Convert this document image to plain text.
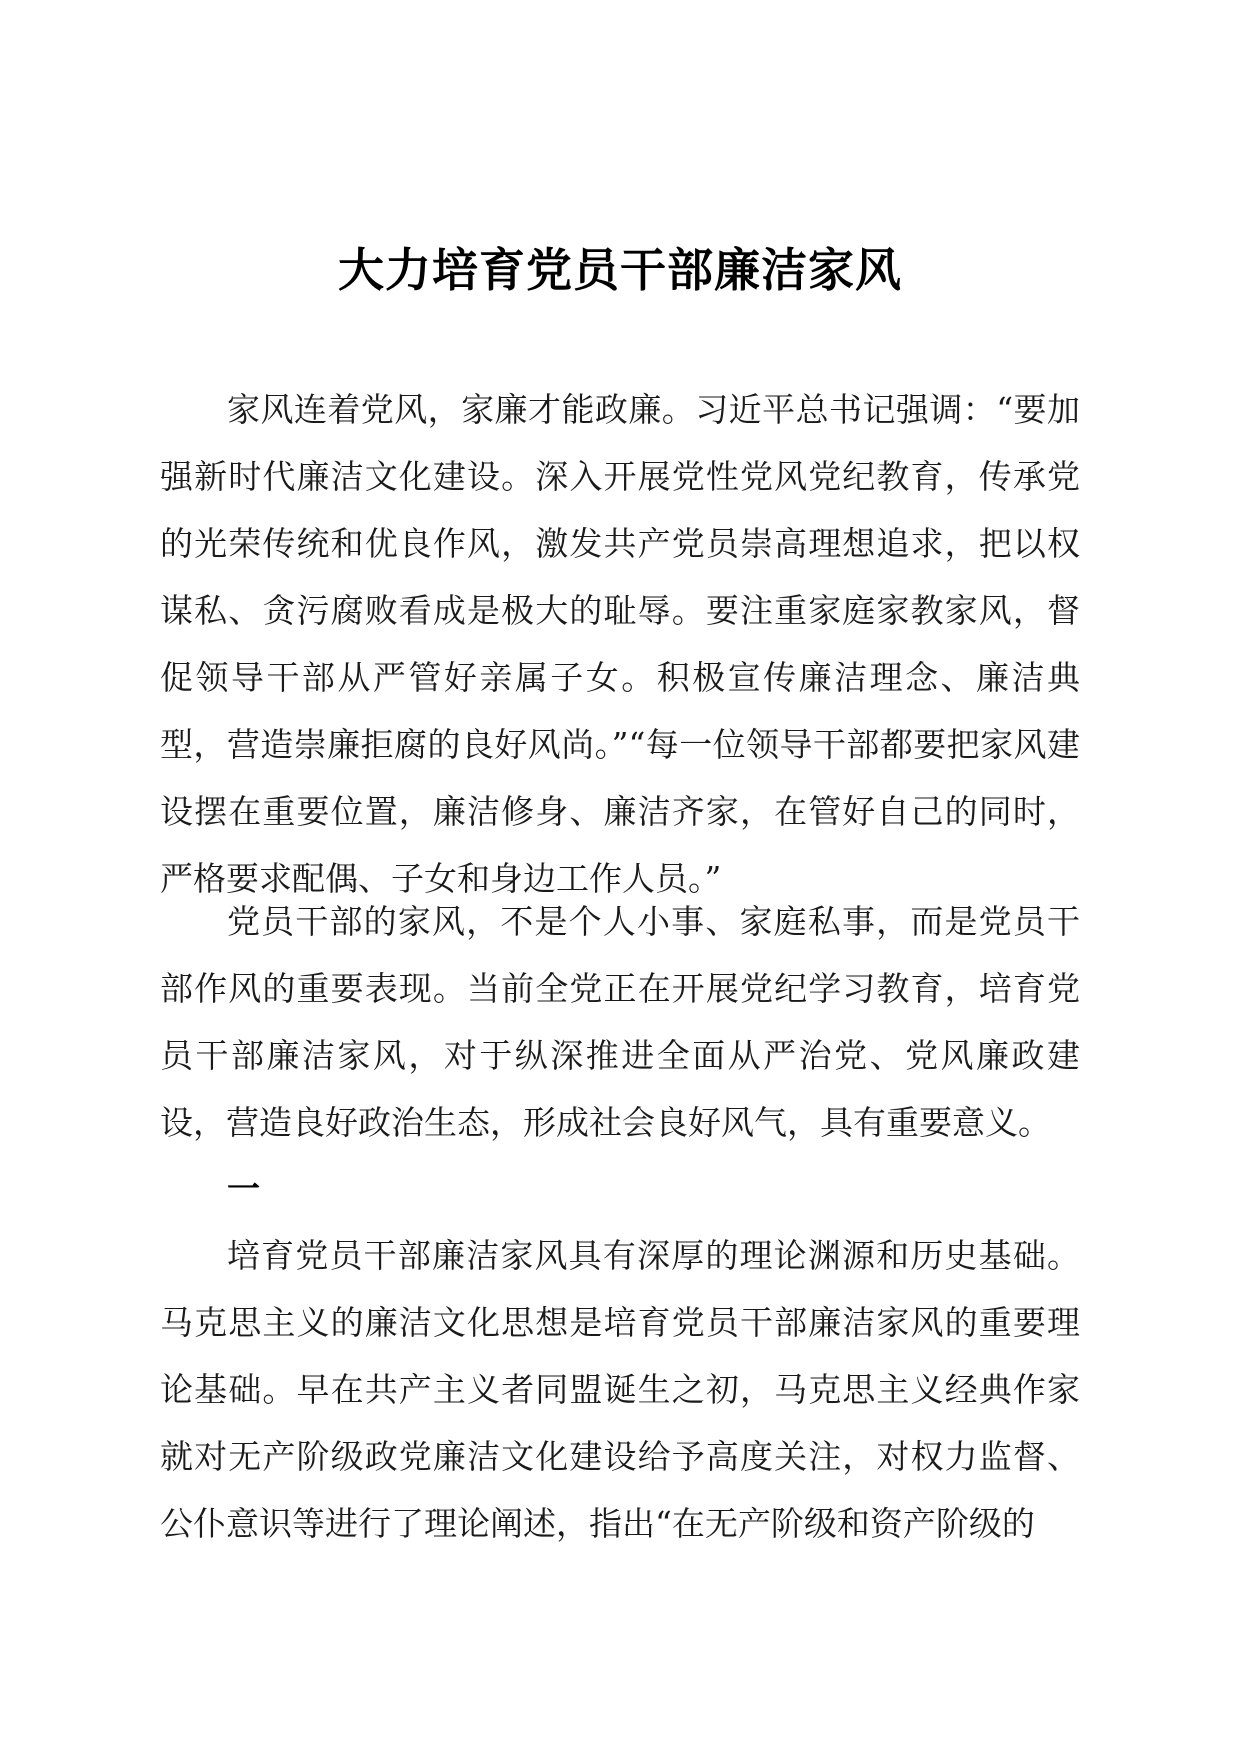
大力培育党员干部廉洁家风

家风连着党风，家廉才能政廉。习近平总书记强调：“要加强新时代廉洁文化建设。深入开展党性党风党纪教育，传承党的光荣传统和优良作风，激发共产党员崇高理想追求，把以权谋私、贪污腐败看成是极大的耻辱。要注重家庭家教家风，督促领导干部从严管好亲属子女。积极宣传廉洁理念、廉洁典型，营造崇廉拒腐的良好风尚。”“每一位领导干部都要把家风建设摆在重要位置，廉洁修身、廉洁齐家，在管好自己的同时，严格要求配偶、子女和身边工作人员。”

党员干部的家风，不是个人小事、家庭私事，而是党员干部作风的重要表现。当前全党正在开展党纪学习教育，培育党员干部廉洁家风，对于纵深推进全面从严治党、党风廉政建设，营造良好政治生态，形成社会良好风气，具有重要意义。

一

培育党员干部廉洁家风具有深厚的理论渊源和历史基础。马克思主义的廉洁文化思想是培育党员干部廉洁家风的重要理论基础。早在共产主义者同盟诞生之初，马克思主义经典作家就对无产阶级政党廉洁文化建设给予高度关注，对权力监督、公仆意识等进行了理论阐述，指出“在无产阶级和资产阶级的
